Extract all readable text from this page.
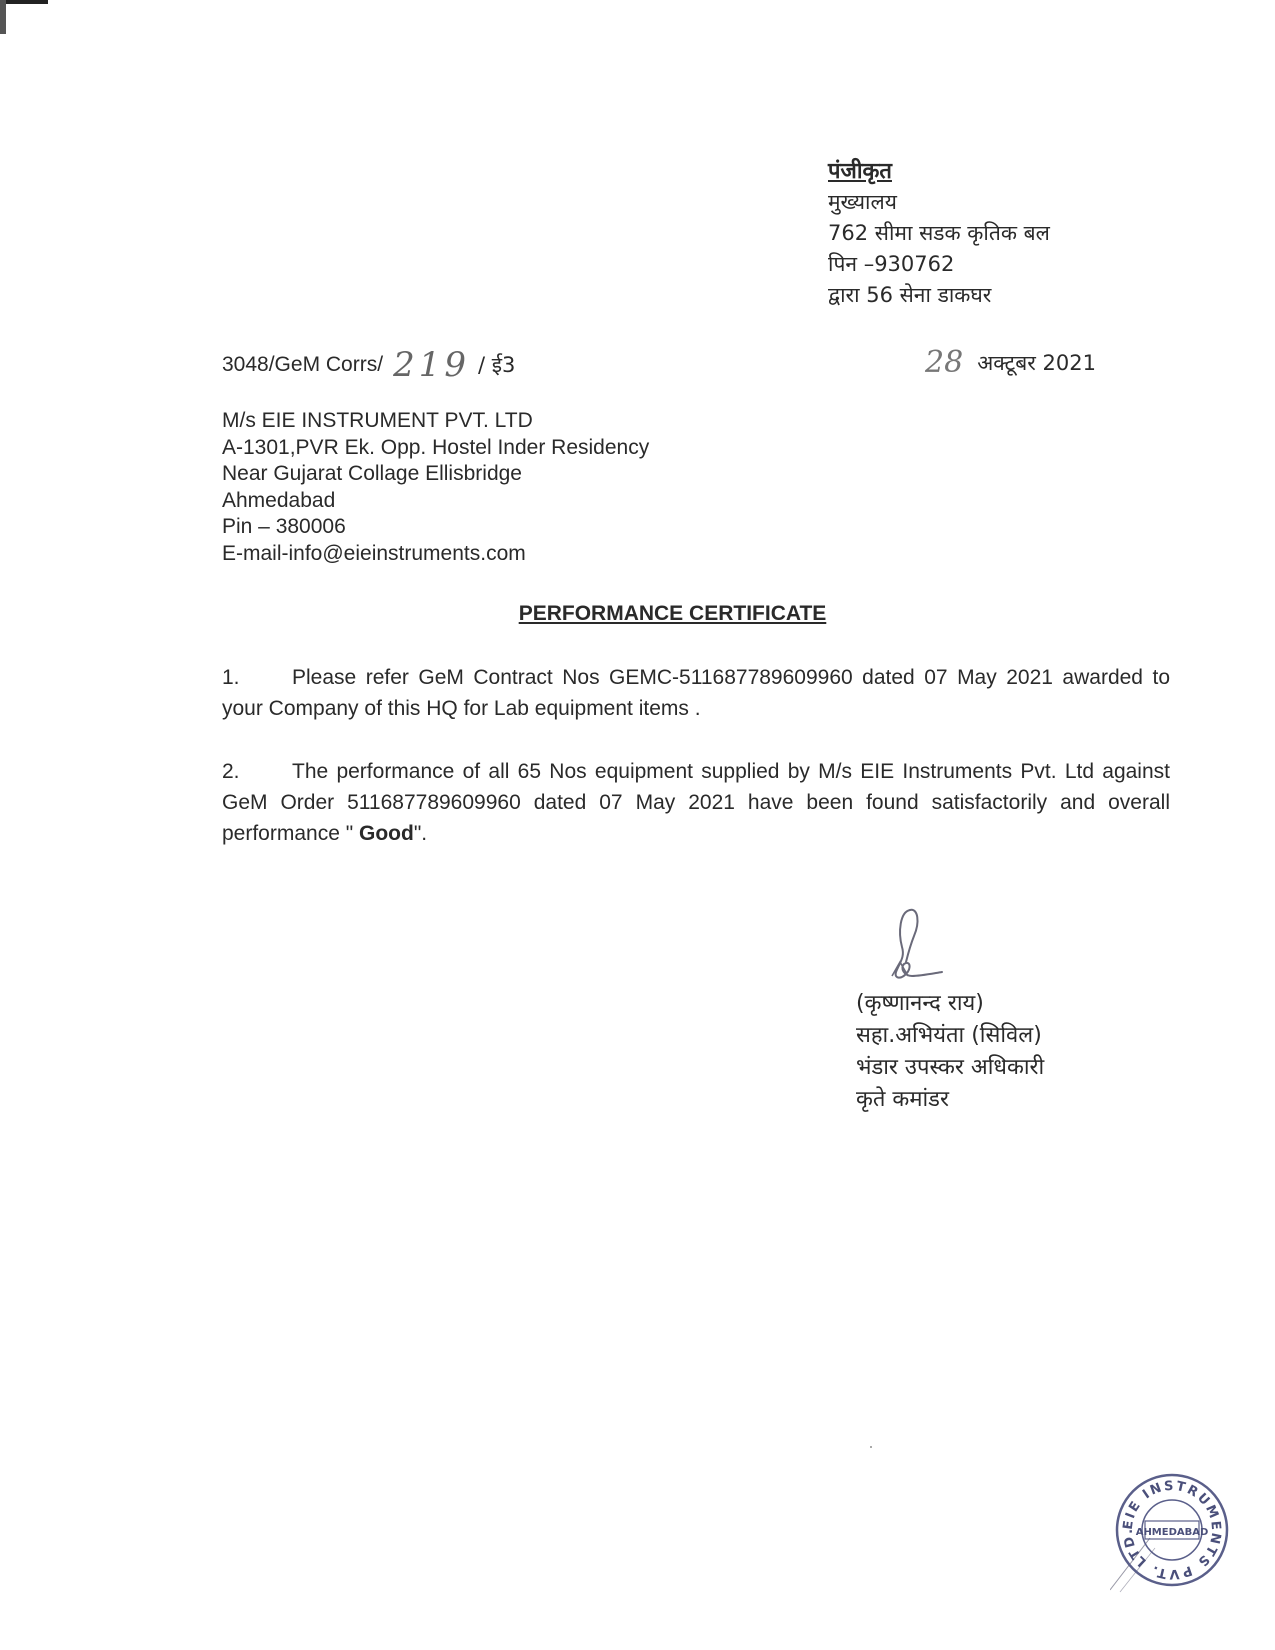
पंजीकृत
मुख्यालय
762 सीमा सडक कृतिक बल
पिन –930762
द्वारा 56 सेना डाकघर
3048/GeM Corrs/ 219 / ई3	28 अक्टूबर 2021
M/s EIE INSTRUMENT PVT. LTD
A-1301,PVR Ek. Opp. Hostel Inder Residency
Near Gujarat Collage Ellisbridge
Ahmedabad
Pin – 380006
E-mail-info@eieinstruments.com
PERFORMANCE CERTIFICATE
1. Please refer GeM Contract Nos GEMC-511687789609960 dated 07 May 2021 awarded to your Company of this HQ for Lab equipment items .
2. The performance of all 65 Nos equipment supplied by M/s EIE Instruments Pvt. Ltd against GeM Order 511687789609960 dated 07 May 2021 have been found satisfactorily and overall performance " Good".
(कृष्णानन्द राय)
सहा.अभियंता (सिविल)
भंडार उपस्कर अधिकारी
कृते कमांडर
EIE INSTRUMENTS PVT. LTD. AHMEDABAD
